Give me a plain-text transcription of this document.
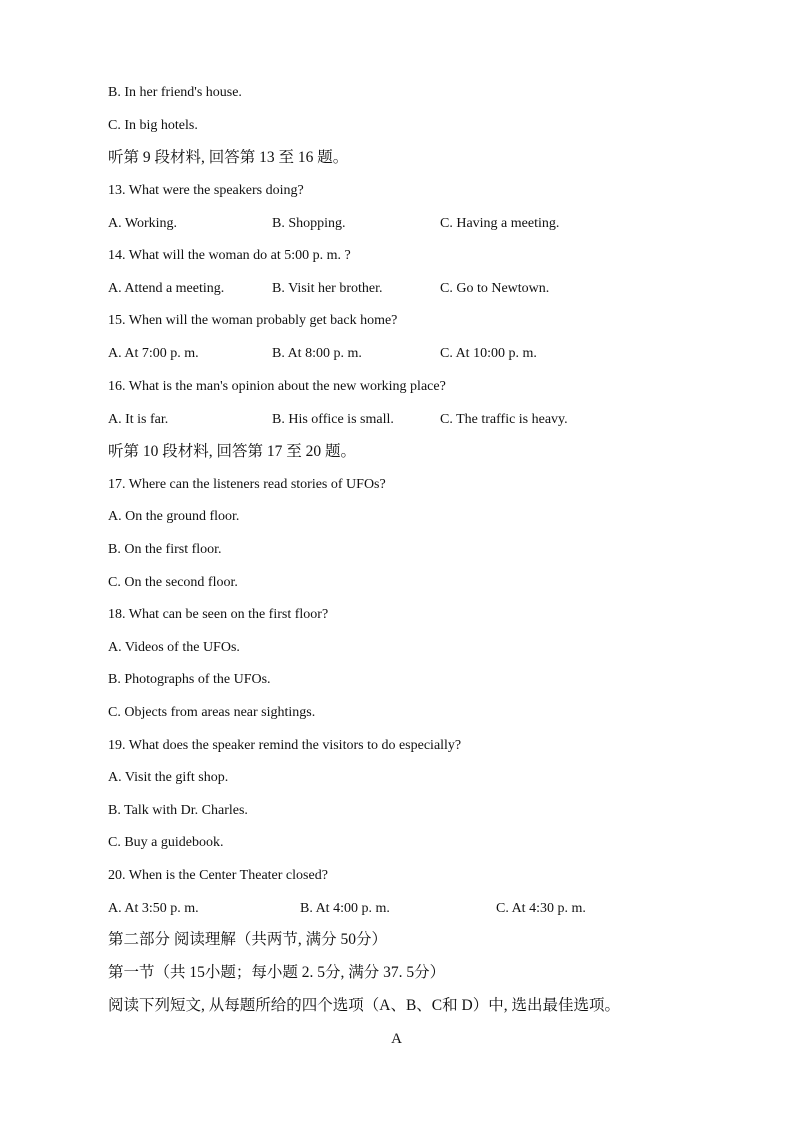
B. In her friend's house.
C. In big hotels.
听第 9 段材料, 回答第 13 至 16 题。
13. What were the speakers doing?
A. Working.	B. Shopping.	C. Having a meeting.
14. What will the woman do at 5:00 p. m. ?
A. Attend a meeting.	B. Visit her brother.	C. Go to Newtown.
15. When will the woman probably get back home?
A. At 7:00 p. m.	B. At 8:00 p. m.	C. At 10:00 p. m.
16. What is the man's opinion about the new working place?
A. It is far.	B. His office is small.	C. The traffic is heavy.
听第 10 段材料, 回答第 17 至 20 题。
17. Where can the listeners read stories of UFOs?
A. On the ground floor.
B. On the first floor.
C. On the second floor.
18. What can be seen on the first floor?
A. Videos of the UFOs.
B. Photographs of the UFOs.
C. Objects from areas near sightings.
19. What does the speaker remind the visitors to do especially?
A. Visit the gift shop.
B. Talk with Dr. Charles.
C. Buy a guidebook.
20. When is the Center Theater closed?
A. At 3:50 p. m.	B. At 4:00 p. m.	C. At 4:30 p. m.
第二部分 阅读理解（共两节, 满分 50分）
第一节（共 15小题；每小题 2. 5分, 满分 37. 5分）
阅读下列短文, 从每题所给的四个选项（A、B、C和 D）中, 选出最佳选项。
A
